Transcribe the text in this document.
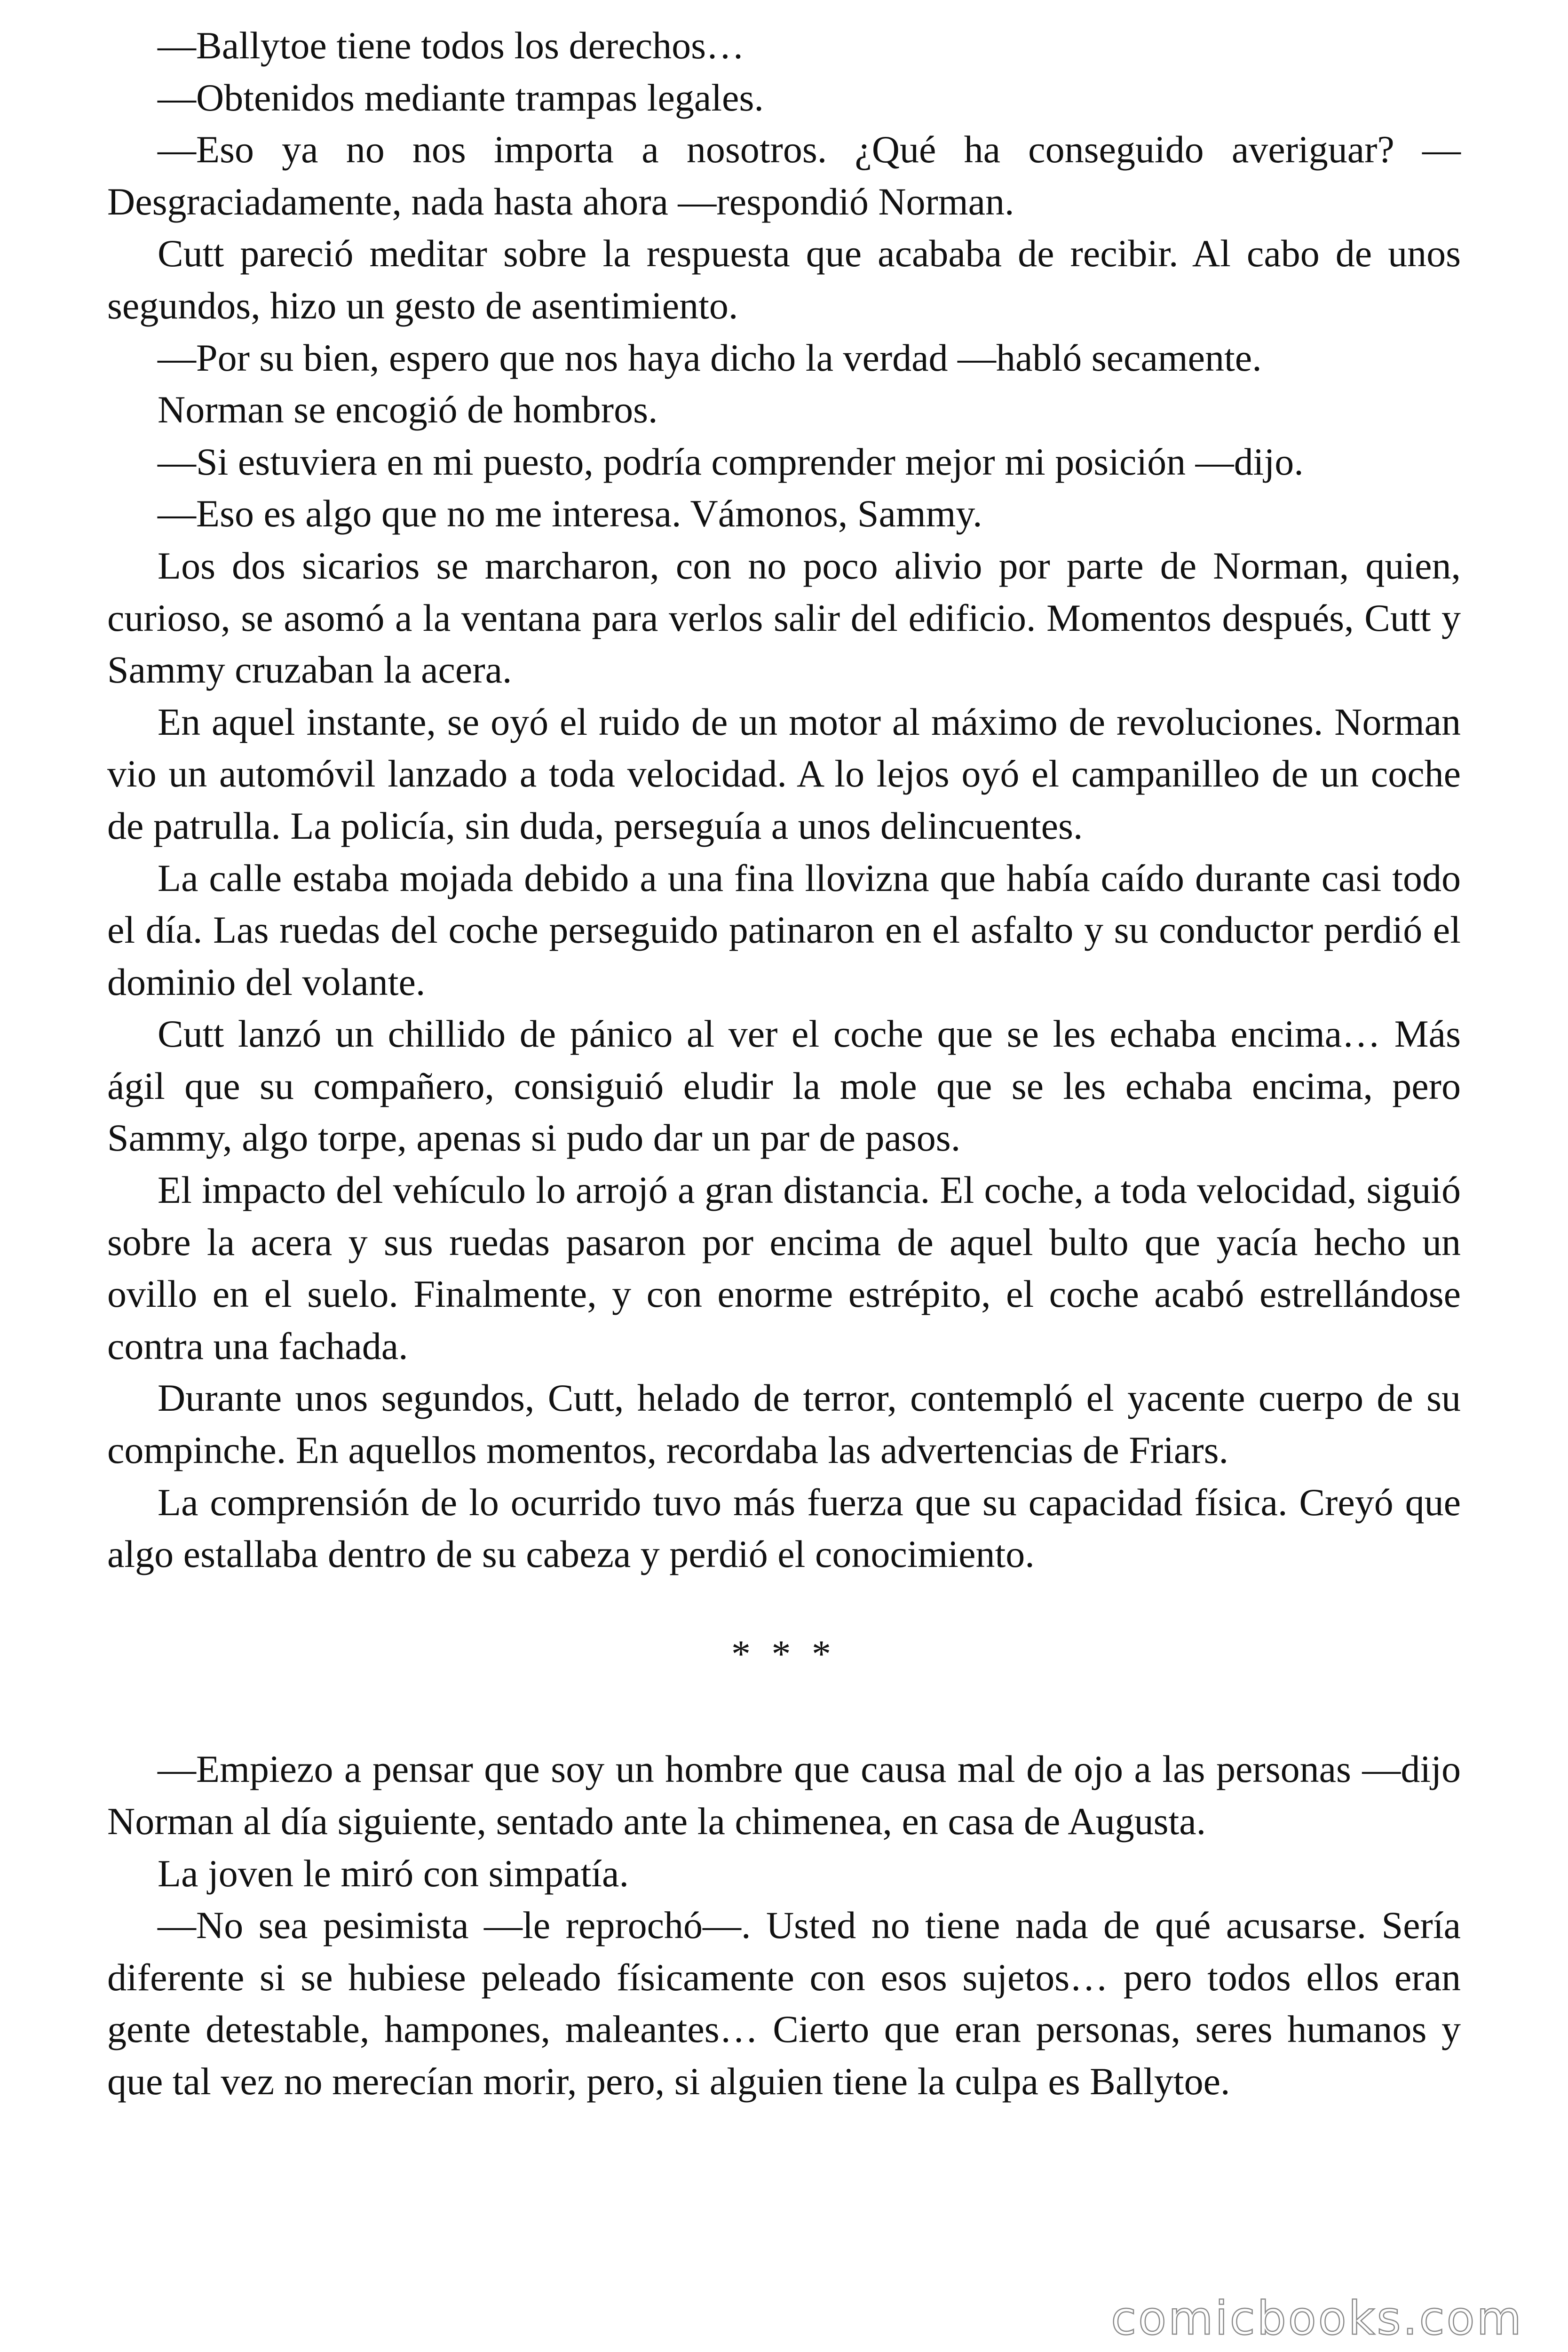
—Ballytoe tiene todos los derechos…

—Obtenidos mediante trampas legales.

—Eso ya no nos importa a nosotros. ¿Qué ha conseguido averiguar? —Desgraciadamente, nada hasta ahora —respondió Norman.

Cutt pareció meditar sobre la respuesta que acababa de recibir. Al cabo de unos segundos, hizo un gesto de asentimiento.

—Por su bien, espero que nos haya dicho la verdad —habló secamente.

Norman se encogió de hombros.

—Si estuviera en mi puesto, podría comprender mejor mi posición —dijo.

—Eso es algo que no me interesa. Vámonos, Sammy.

Los dos sicarios se marcharon, con no poco alivio por parte de Norman, quien, curioso, se asomó a la ventana para verlos salir del edificio. Momentos después, Cutt y Sammy cruzaban la acera.

En aquel instante, se oyó el ruido de un motor al máximo de revoluciones. Norman vio un automóvil lanzado a toda velocidad. A lo lejos oyó el campanilleo de un coche de patrulla. La policía, sin duda, perseguía a unos delincuentes.

La calle estaba mojada debido a una fina llovizna que había caído durante casi todo el día. Las ruedas del coche perseguido patinaron en el asfalto y su conductor perdió el dominio del volante.

Cutt lanzó un chillido de pánico al ver el coche que se les echaba encima… Más ágil que su compañero, consiguió eludir la mole que se les echaba encima, pero Sammy, algo torpe, apenas si pudo dar un par de pasos.

El impacto del vehículo lo arrojó a gran distancia. El coche, a toda velocidad, siguió sobre la acera y sus ruedas pasaron por encima de aquel bulto que yacía hecho un ovillo en el suelo. Finalmente, y con enorme estrépito, el coche acabó estrellándose contra una fachada.

Durante unos segundos, Cutt, helado de terror, contempló el yacente cuerpo de su compinche. En aquellos momentos, recordaba las advertencias de Friars.

La comprensión de lo ocurrido tuvo más fuerza que su capacidad física. Creyó que algo estallaba dentro de su cabeza y perdió el conocimiento.

* * *

—Empiezo a pensar que soy un hombre que causa mal de ojo a las personas —dijo Norman al día siguiente, sentado ante la chimenea, en casa de Augusta.

La joven le miró con simpatía.

—No sea pesimista —le reprochó—. Usted no tiene nada de qué acusarse. Sería diferente si se hubiese peleado físicamente con esos sujetos… pero todos ellos eran gente detestable, hampones, maleantes… Cierto que eran personas, seres humanos y que tal vez no merecían morir, pero, si alguien tiene la culpa es Ballytoe.

comicbooks.com
